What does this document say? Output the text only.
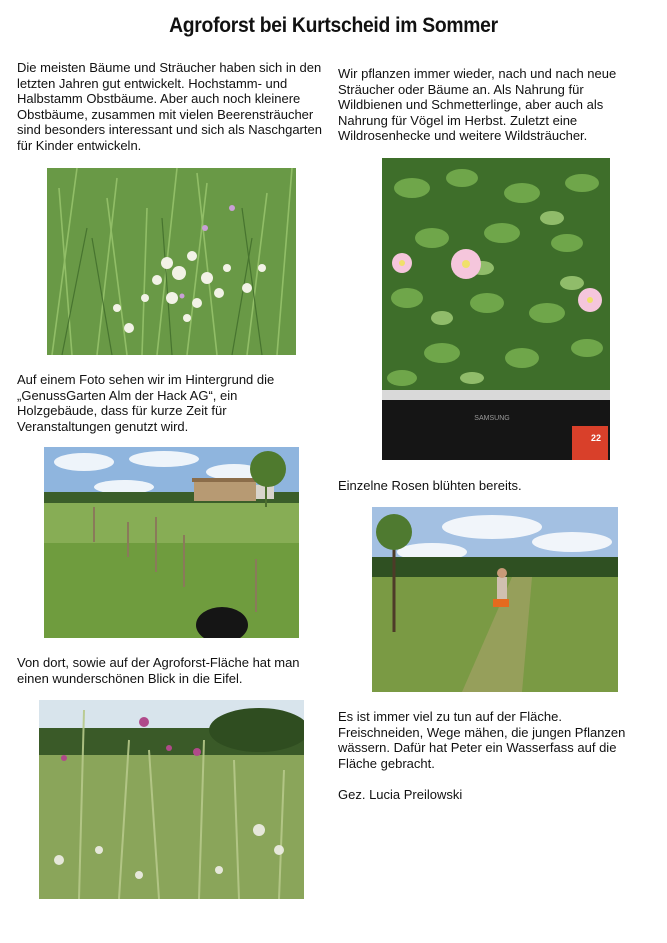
Agroforst bei Kurtscheid im Sommer

Die meisten Bäume und Sträucher haben sich in den letzten Jahren gut entwickelt. Hochstamm- und Halbstamm Obstbäume. Aber auch noch kleinere Obstbäume, zusammen mit vielen Beerensträucher sind besonders interessant und sich als Naschgarten für Kinder entwickeln.

Auf einem Foto sehen wir im Hintergrund die „GenussGarten Alm der Hack AG“, ein Holzgebäude, dass für kurze Zeit für Veranstaltungen genutzt wird.

Von dort, sowie auf der Agroforst-Fläche hat man einen wunderschönen Blick in die Eifel.

Wir pflanzen immer wieder, nach und nach neue Sträucher oder Bäume an. Als Nahrung für Wildbienen und Schmetterlinge, aber auch als Nahrung für Vögel im Herbst. Zuletzt eine Wildrosenhecke und weitere Wildsträucher.

Einzelne Rosen blühten bereits.

Es ist immer viel zu tun auf der Fläche. Freischneiden, Wege mähen, die jungen Pflanzen wässern. Dafür hat Peter ein Wasserfass auf die Fläche gebracht.

Gez. Lucia Preilowski

SAMSUNG
22
